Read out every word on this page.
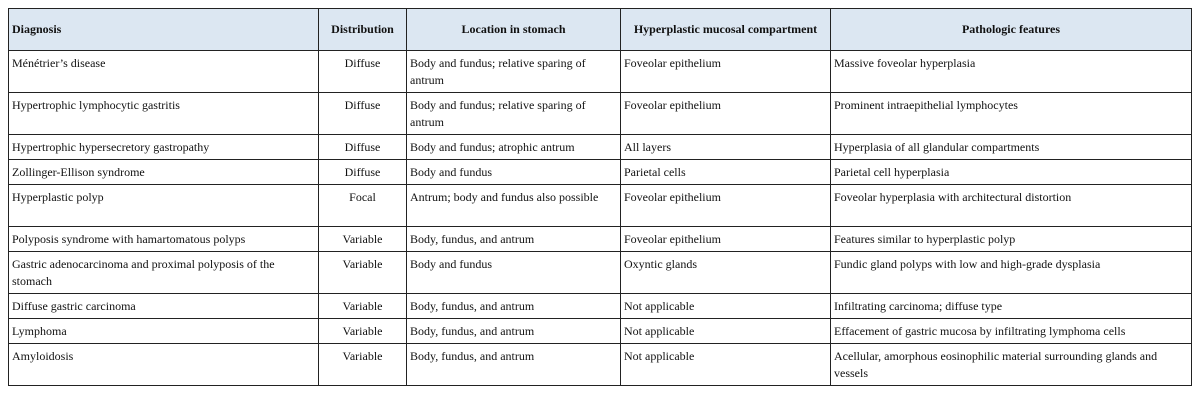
Diagnosis	Distribution	Location in stomach	Hyperplastic mucosal compartment	Pathologic features
Ménétrier’s disease	Diffuse	Body and fundus; relative sparing of antrum	Foveolar epithelium	Massive foveolar hyperplasia
Hypertrophic lymphocytic gastritis	Diffuse	Body and fundus; relative sparing of antrum	Foveolar epithelium	Prominent intraepithelial lymphocytes
Hypertrophic hypersecretory gastropathy	Diffuse	Body and fundus; atrophic antrum	All layers	Hyperplasia of all glandular compartments
Zollinger-Ellison syndrome	Diffuse	Body and fundus	Parietal cells	Parietal cell hyperplasia
Hyperplastic polyp	Focal	Antrum; body and fundus also possible	Foveolar epithelium	Foveolar hyperplasia with architectural distortion
Polyposis syndrome with hamartomatous polyps	Variable	Body, fundus, and antrum	Foveolar epithelium	Features similar to hyperplastic polyp
Gastric adenocarcinoma and proximal polyposis of the stomach	Variable	Body and fundus	Oxyntic glands	Fundic gland polyps with low and high-grade dysplasia
Diffuse gastric carcinoma	Variable	Body, fundus, and antrum	Not applicable	Infiltrating carcinoma; diffuse type
Lymphoma	Variable	Body, fundus, and antrum	Not applicable	Effacement of gastric mucosa by infiltrating lymphoma cells
Amyloidosis	Variable	Body, fundus, and antrum	Not applicable	Acellular, amorphous eosinophilic material surrounding glands and vessels
